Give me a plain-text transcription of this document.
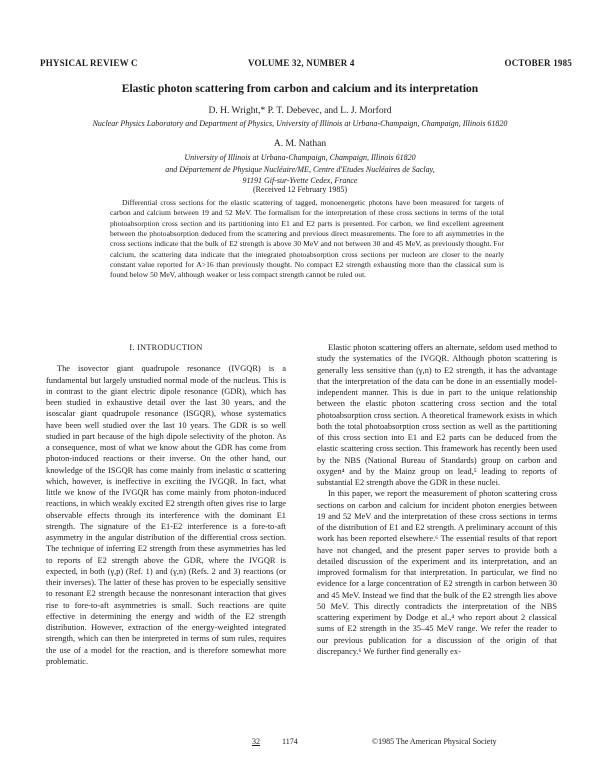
PHYSICAL REVIEW C	VOLUME 32, NUMBER 4	OCTOBER 1985
Elastic photon scattering from carbon and calcium and its interpretation
D. H. Wright,* P. T. Debevec, and L. J. Morford
Nuclear Physics Laboratory and Department of Physics, University of Illinois at Urbana-Champaign, Champaign, Illinois 61820
A. M. Nathan
University of Illinois at Urbana-Champaign, Champaign, Illinois 61820
and Département de Physique Nucléaire/ME, Centre d'Etudes Nucléaires de Saclay,
91191 Gif-sur-Yvette Cedex, France
(Received 12 February 1985)
Differential cross sections for the elastic scattering of tagged, monoenergetic photons have been measured for targets of carbon and calcium between 19 and 52 MeV. The formalism for the interpretation of these cross sections in terms of the total photoabsorption cross section and its partitioning into E1 and E2 parts is presented. For carbon, we find excellent agreement between the photoabsorption deduced from the scattering and previous direct measurements. The fore to aft asymmetries in the cross sections indicate that the bulk of E2 strength is above 30 MeV and not between 30 and 45 MeV, as previously thought. For calcium, the scattering data indicate that the integrated photoabsorption cross sections per nucleon are closer to the nearly constant value reported for A>16 than previously thought. No compact E2 strength exhausting more than the classical sum is found below 50 MeV, although weaker or less compact strength cannot be ruled out.
I. INTRODUCTION

The isovector giant quadrupole resonance (IVGQR) is a fundamental but largely unstudied normal mode of the nucleus. This is in contrast to the giant electric dipole resonance (GDR), which has been studied in exhaustive detail over the last 30 years, and the isoscalar giant quadrupole resonance (ISGQR), whose systematics have been well studied over the last 10 years. The GDR is so well studied in part because of the high dipole selectivity of the photon. As a consequence, most of what we know about the GDR has come from photon-induced reactions or their inverse. On the other hand, our knowledge of the ISGQR has come mainly from inelastic α scattering which, however, is ineffective in exciting the IVGQR. In fact, what little we know of the IVGQR has come mainly from photon-induced reactions, in which weakly excited E2 strength often gives rise to large observable effects through its interference with the dominant E1 strength. The signature of the E1-E2 interference is a fore-to-aft asymmetry in the angular distribution of the differential cross section. The technique of inferring E2 strength from these asymmetries has led to reports of E2 strength above the GDR, where the IVGQR is expected, in both (γ,p) (Ref. 1) and (γ,n) (Refs. 2 and 3) reactions (or their inverses). The latter of these has proven to be especially sensitive to resonant E2 strength because the nonresonant interaction that gives rise to fore-to-aft asymmetries is small. Such reactions are quite effective in determining the energy and width of the E2 strength distribution. However, extraction of the energy-weighted integrated strength, which can then be interpreted in terms of sum rules, requires the use of a model for the reaction, and is therefore somewhat more problematic.

Elastic photon scattering offers an alternate, seldom used method to study the systematics of the IVGQR. Although photon scattering is generally less sensitive than (γ,n) to E2 strength, it has the advantage that the interpretation of the data can be done in an essentially model-independent manner. This is due in part to the unique relationship between the elastic photon scattering cross section and the total photoabsorption cross section. A theoretical framework exists in which both the total photoabsorption cross section as well as the partitioning of this cross section into E1 and E2 parts can be deduced from the elastic scattering cross section. This framework has recently been used by the NBS (National Bureau of Standards) group on carbon and oxygen⁴ and by the Mainz group on lead,⁵ leading to reports of substantial E2 strength above the GDR in these nuclei.

In this paper, we report the measurement of photon scattering cross sections on carbon and calcium for incident photon energies between 19 and 52 MeV and the interpretation of these cross sections in terms of the distribution of E1 and E2 strength. A preliminary account of this work has been reported elsewhere.⁶ The essential results of that report have not changed, and the present paper serves to provide both a detailed discussion of the experiment and its interpretation, and an improved formalism for that interpretation. In particular, we find no evidence for a large concentration of E2 strength in carbon between 30 and 45 MeV. Instead we find that the bulk of the E2 strength lies above 50 MeV. This directly contradicts the interpretation of the NBS scattering experiment by Dodge et al.,⁴ who report about 2 classical sums of E2 strength in the 35–45 MeV range. We refer the reader to our previous publication for a discussion of the origin of that discrepancy.⁶ We further find generally ex-

32	1174	©1985 The American Physical Society
